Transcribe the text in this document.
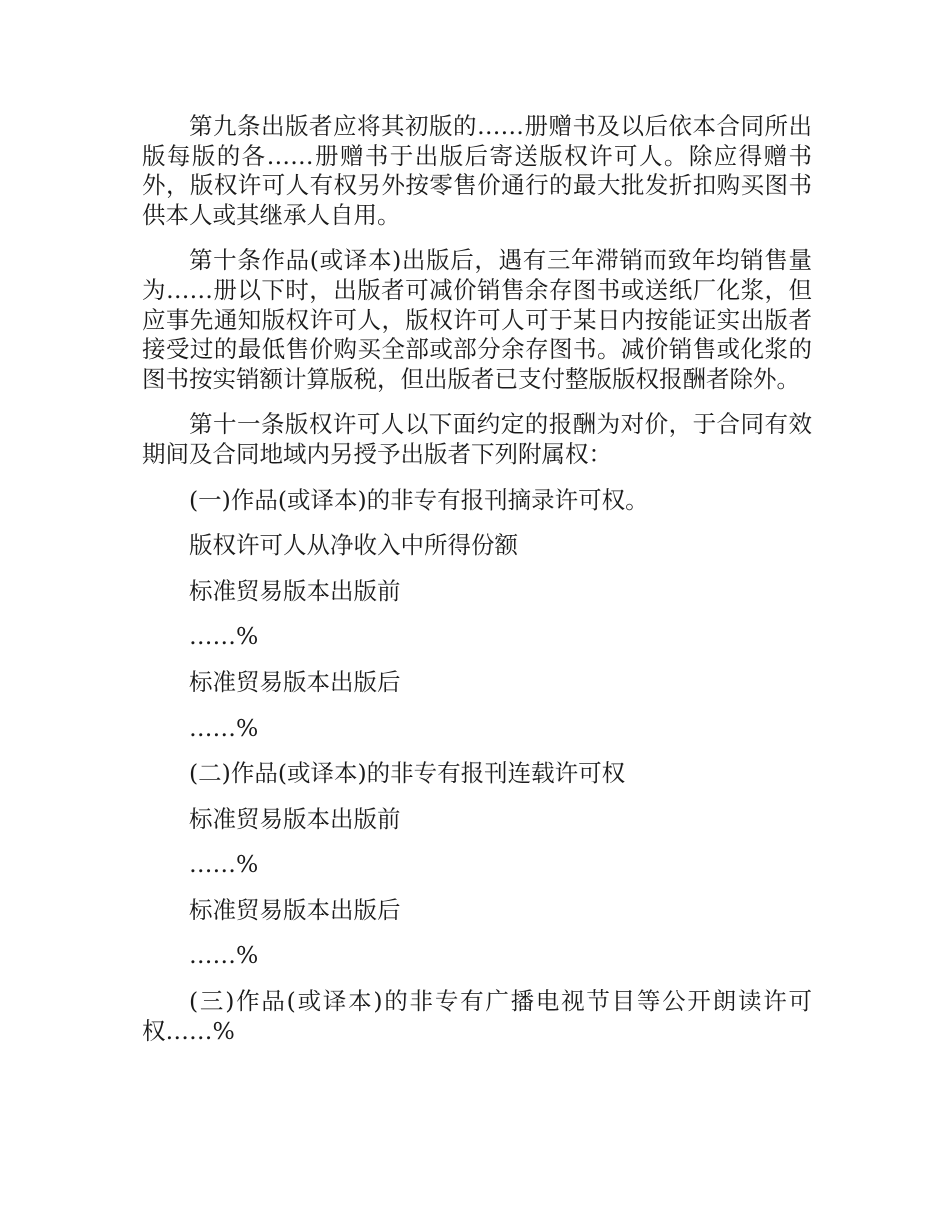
第九条出版者应将其初版的……册赠书及以后依本合同所出版每版的各……册赠书于出版后寄送版权许可人。除应得赠书外，版权许可人有权另外按零售价通行的最大批发折扣购买图书供本人或其继承人自用。

第十条作品(或译本)出版后，遇有三年滞销而致年均销售量为……册以下时，出版者可减价销售余存图书或送纸厂化浆，但应事先通知版权许可人，版权许可人可于某日内按能证实出版者接受过的最低售价购买全部或部分余存图书。减价销售或化浆的图书按实销额计算版税，但出版者已支付整版版权报酬者除外。

第十一条版权许可人以下面约定的报酬为对价，于合同有效期间及合同地域内另授予出版者下列附属权：

(一)作品(或译本)的非专有报刊摘录许可权。
版权许可人从净收入中所得份额
标准贸易版本出版前
……%
标准贸易版本出版后
……%
(二)作品(或译本)的非专有报刊连载许可权
标准贸易版本出版前
……%
标准贸易版本出版后
……%

(三)作品(或译本)的非专有广播电视节目等公开朗读许可权……%
